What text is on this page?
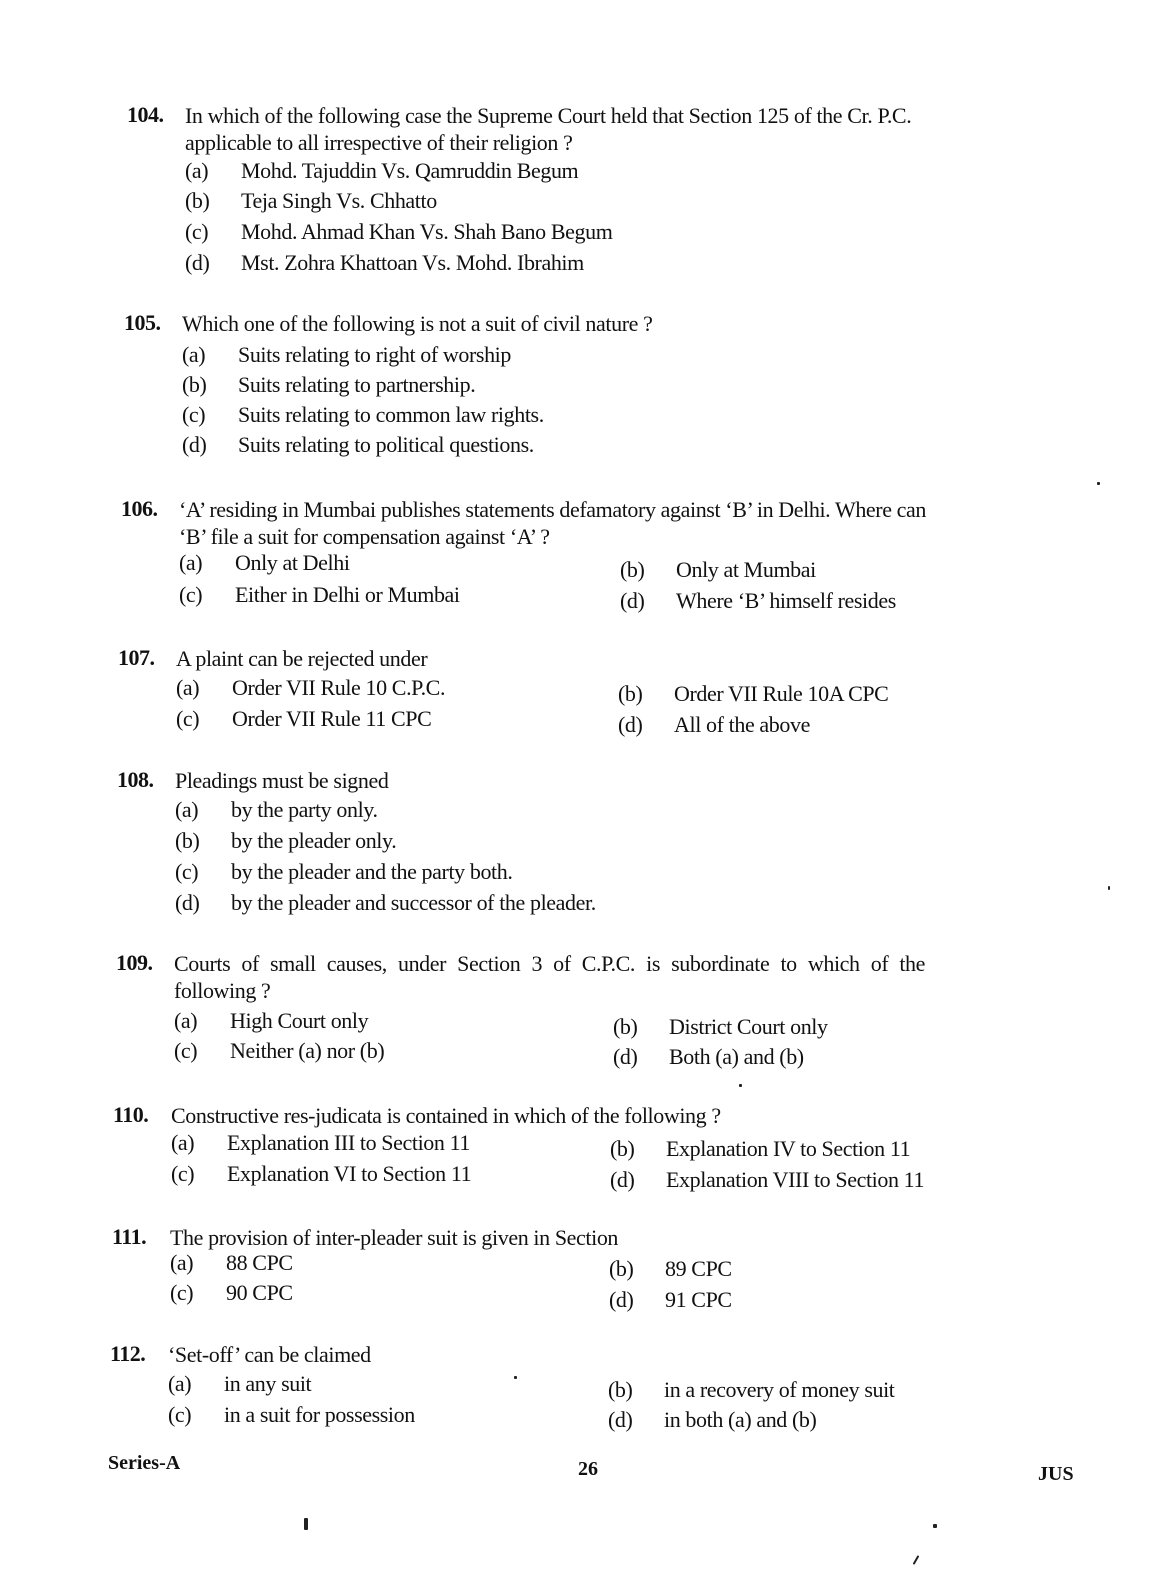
104. In which of the following case the Supreme Court held that Section 125 of the Cr. P.C.
applicable to all irrespective of their religion ?
(a) Mohd. Tajuddin Vs. Qamruddin Begum
(b) Teja Singh Vs. Chhatto
(c) Mohd. Ahmad Khan Vs. Shah Bano Begum
(d) Mst. Zohra Khattoan Vs. Mohd. Ibrahim
105. Which one of the following is not a suit of civil nature ?
(a) Suits relating to right of worship
(b) Suits relating to partnership.
(c) Suits relating to common law rights.
(d) Suits relating to political questions.
106. ‘A’ residing in Mumbai publishes statements defamatory against ‘B’ in Delhi. Where can
‘B’ file a suit for compensation against ‘A’ ?
(a) Only at Delhi	(b) Only at Mumbai
(c) Either in Delhi or Mumbai	(d) Where ‘B’ himself resides
107. A plaint can be rejected under
(a) Order VII Rule 10 C.P.C.	(b) Order VII Rule 10A CPC
(c) Order VII Rule 11 CPC	(d) All of the above
108. Pleadings must be signed
(a) by the party only.
(b) by the pleader only.
(c) by the pleader and the party both.
(d) by the pleader and successor of the pleader.
109. Courts of small causes, under Section 3 of C.P.C. is subordinate to which of the
following ?
(a) High Court only	(b) District Court only
(c) Neither (a) nor (b)	(d) Both (a) and (b)
110. Constructive res-judicata is contained in which of the following ?
(a) Explanation III to Section 11	(b) Explanation IV to Section 11
(c) Explanation VI to Section 11	(d) Explanation VIII to Section 11
111. The provision of inter-pleader suit is given in Section
(a) 88 CPC	(b) 89 CPC
(c) 90 CPC	(d) 91 CPC
112. ‘Set-off’ can be claimed
(a) in any suit	(b) in a recovery of money suit
(c) in a suit for possession	(d) in both (a) and (b)
Series-A	26	JUS
